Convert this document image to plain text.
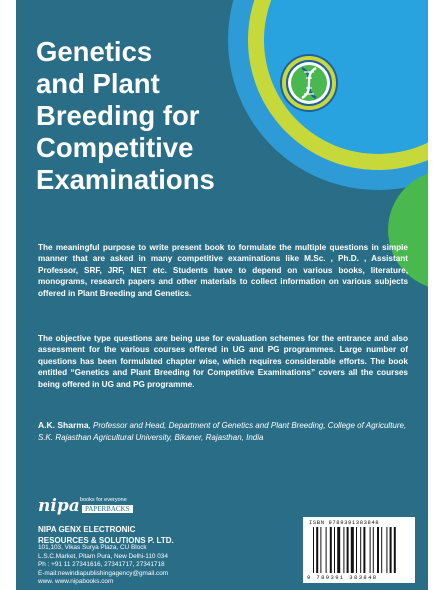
Genetics
and Plant
Breeding for
Competitive
Examinations
The meaningful purpose to write present book to formulate the multiple questions in simple manner that are asked in many competitive examinations like M.Sc. , Ph.D. , Assistant Professor, SRF, JRF, NET etc. Students have to depend on various books, literature, monograms, research papers and other materials to collect information on various subjects offered in Plant Breeding and Genetics.
The objective type questions are being use for evaluation schemes for the entrance and also assessment for the various courses offered in UG and PG programmes. Large number of questions has been formulated chapter wise, which requires considerable efforts. The book entitled “Genetics and Plant Breeding for Competitive Examinations” covers all the courses being offered in UG and PG programme.
A.K. Sharma, Professor and Head, Department of Genetics and Plant Breeding, College of Agriculture, S.K. Rajasthan Agricultural University, Bikaner, Rajasthan, India
nipa books for everyone
PAPERBACKS
NIPA GENX ELECTRONIC
RESOURCES & SOLUTIONS P. LTD.
101,103, Vikas Surya Plaza, CU Block
L.S.C.Market, Pitam Pura, New Delhi-110 034
Ph : +91 11 27341616, 27341717, 27341718
E-mail:newindiapublishingagency@gmail.com
www. www.nipabooks.com
ISBN 9789391383848
9 789391 383848
